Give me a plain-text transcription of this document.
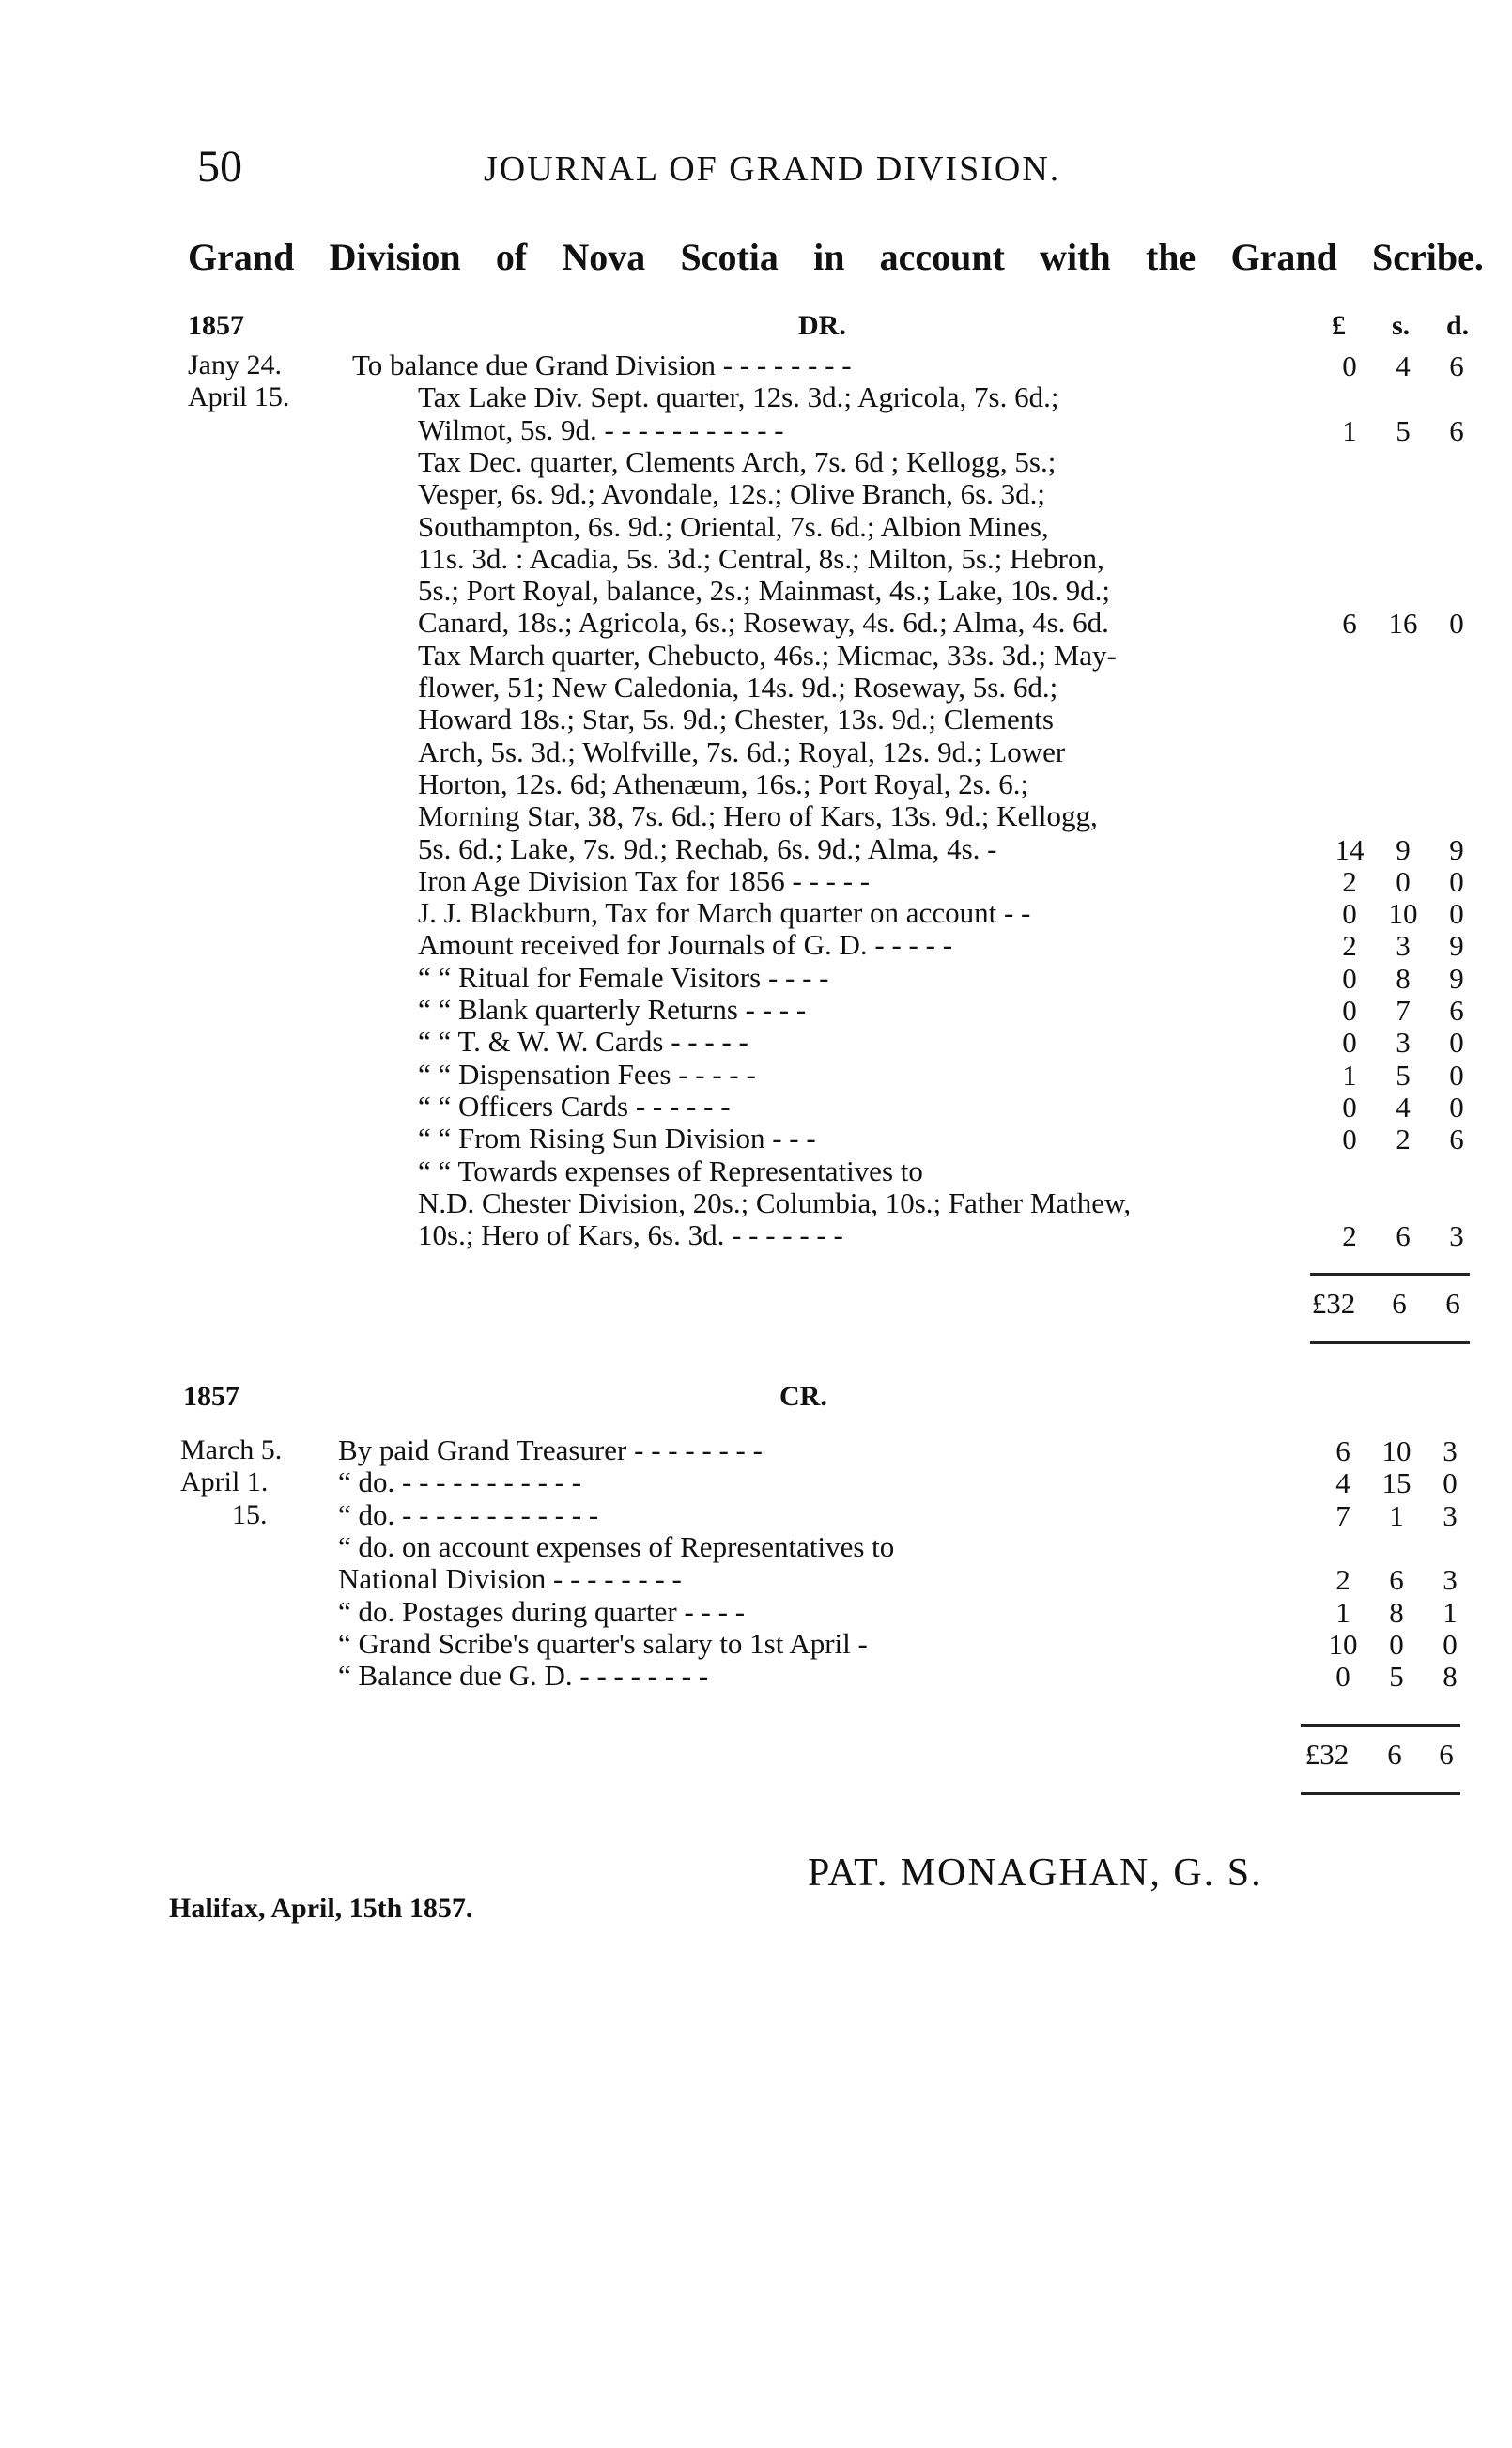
50	JOURNAL OF GRAND DIVISION.
Grand Division of Nova Scotia in account with the Grand Scribe.
1857	DR.	£ s. d.
Jany 24. To balance due Grand Division - - - - - - - -	0	4	6
April 15.	Tax Lake Div. Sept. quarter, 12s. 3d.; Agricola, 7s. 6d.;
Wilmot, 5s. 9d. - - - - - - - - - - -	1	5	6
Tax Dec. quarter, Clements Arch, 7s. 6d ; Kellogg, 5s.;
Vesper, 6s. 9d.; Avondale, 12s.; Olive Branch, 6s. 3d.;
Southampton, 6s. 9d.; Oriental, 7s. 6d.; Albion Mines,
11s. 3d. : Acadia, 5s. 3d.; Central, 8s.; Milton, 5s.; Hebron,
5s.; Port Royal, balance, 2s.; Mainmast, 4s.; Lake, 10s. 9d.;
Canard, 18s.; Agricola, 6s.; Roseway, 4s. 6d.; Alma, 4s. 6d.	6	16	0
Tax March quarter, Chebucto, 46s.; Micmac, 33s. 3d.; May-
flower, 51; New Caledonia, 14s. 9d.; Roseway, 5s. 6d.;
Howard 18s.; Star, 5s. 9d.; Chester, 13s. 9d.; Clements
Arch, 5s. 3d.; Wolfville, 7s. 6d.; Royal, 12s. 9d.; Lower
Horton, 12s. 6d; Athenæum, 16s.; Port Royal, 2s. 6.;
Morning Star, 38, 7s. 6d.; Hero of Kars, 13s. 9d.; Kellogg,
5s. 6d.; Lake, 7s. 9d.; Rechab, 6s. 9d.; Alma, 4s. -	14	9	9
Iron Age Division Tax for 1856 - - - - -	2	0	0
J. J. Blackburn, Tax for March quarter on account - -	0	10	0
Amount received for Journals of G. D. - - - - -	2	3	9
“ “ Ritual for Female Visitors - - - -	0	8	9
“ “ Blank quarterly Returns - - - -	0	7	6
“ “ T. & W. W. Cards - - - - -	0	3	0
“ “ Dispensation Fees - - - - -	1	5	0
“ “ Officers Cards - - - - - -	0	4	0
“ “ From Rising Sun Division - - -	0	2	6
“ “ Towards expenses of Representatives to
N.D. Chester Division, 20s.; Columbia, 10s.; Father Mathew,
10s.; Hero of Kars, 6s. 3d. - - - - - - -	2	6	3
£32	6	6
1857	CR.
March 5. By paid Grand Treasurer - - - - - - - -	6	10	3
April 1. “ do. - - - - - - - - - - -	4	15	0
15. “ do. - - - - - - - - - - - -	7	1	3
“ do. on account expenses of Representatives to
National Division - - - - - - - -	2	6	3
“ do. Postages during quarter - - - -	1	8	1
“ Grand Scribe's quarter's salary to 1st April -	10	0	0
“ Balance due G. D. - - - - - - - -	0	5	8
£32	6	6
PAT. MONAGHAN, G. S.
Halifax, April, 15th 1857.
